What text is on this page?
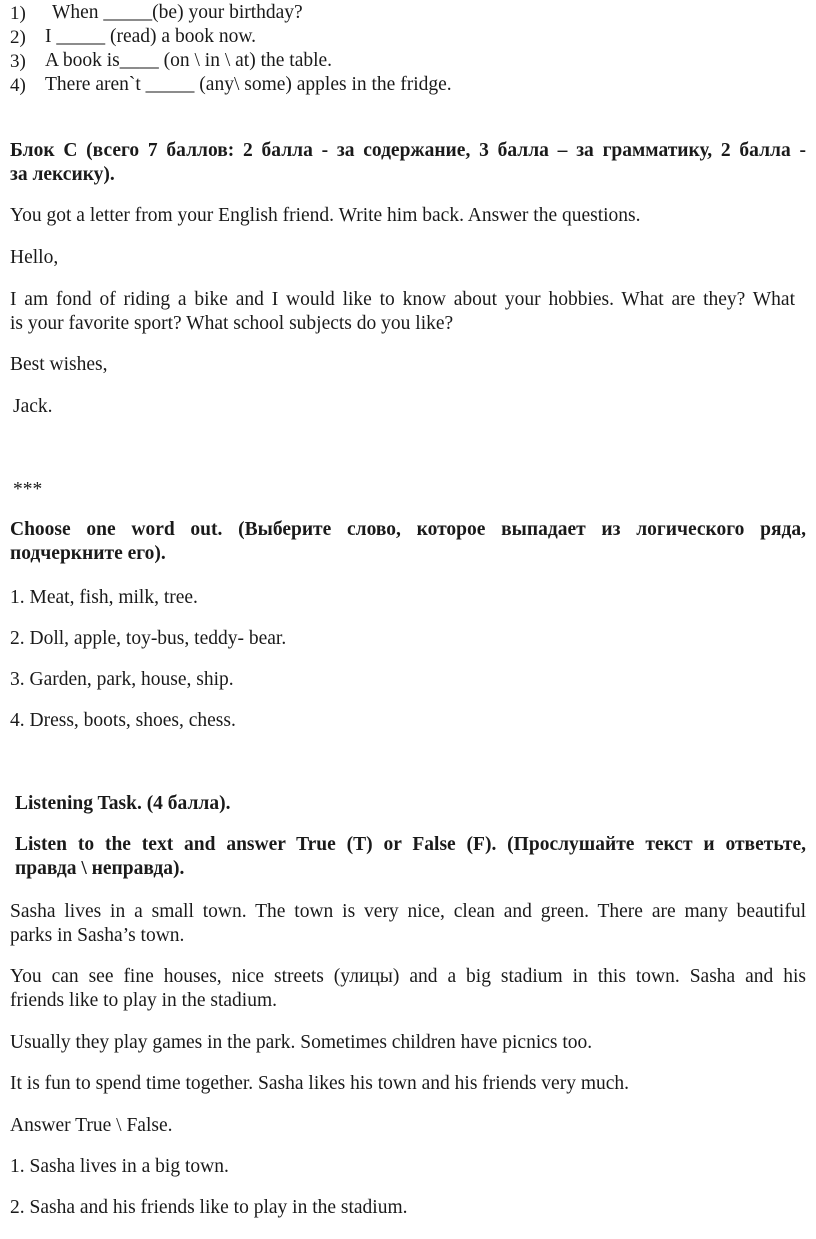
1) When _____(be) your birthday?
2) I _____ (read) a book now.
3) A book is____ (on \ in \ at) the table.
4) There aren`t _____ (any\ some) apples in the fridge.
Блок С (всего 7 баллов: 2 балла - за содержание, 3 балла – за грамматику, 2 балла -
за лексику).
You got a letter from your English friend. Write him back. Answer the questions.
Hello,
I am fond of riding a bike and I would like to know about your hobbies. What are they? What
is your favorite sport? What school subjects do you like?
Best wishes,
Jack.
***
Choose one word out. (Выберите слово, которое выпадает из логического ряда,
подчеркните его).
1. Meat, fish, milk, tree.
2. Doll, apple, toy-bus, teddy- bear.
3. Garden, park, house, ship.
4. Dress, boots, shoes, chess.
Listening Task. (4 балла).
Listen to the text and answer True (T) or False (F). (Прослушайте текст и ответьте,
правда \ неправда).
Sasha lives in a small town. The town is very nice, clean and green. There are many beautiful
parks in Sasha’s town.
You can see fine houses, nice streets (улицы) and a big stadium in this town. Sasha and his
friends like to play in the stadium.
Usually they play games in the park. Sometimes children have picnics too.
It is fun to spend time together. Sasha likes his town and his friends very much.
Answer True \ False.
1. Sasha lives in a big town.
2. Sasha and his friends like to play in the stadium.
